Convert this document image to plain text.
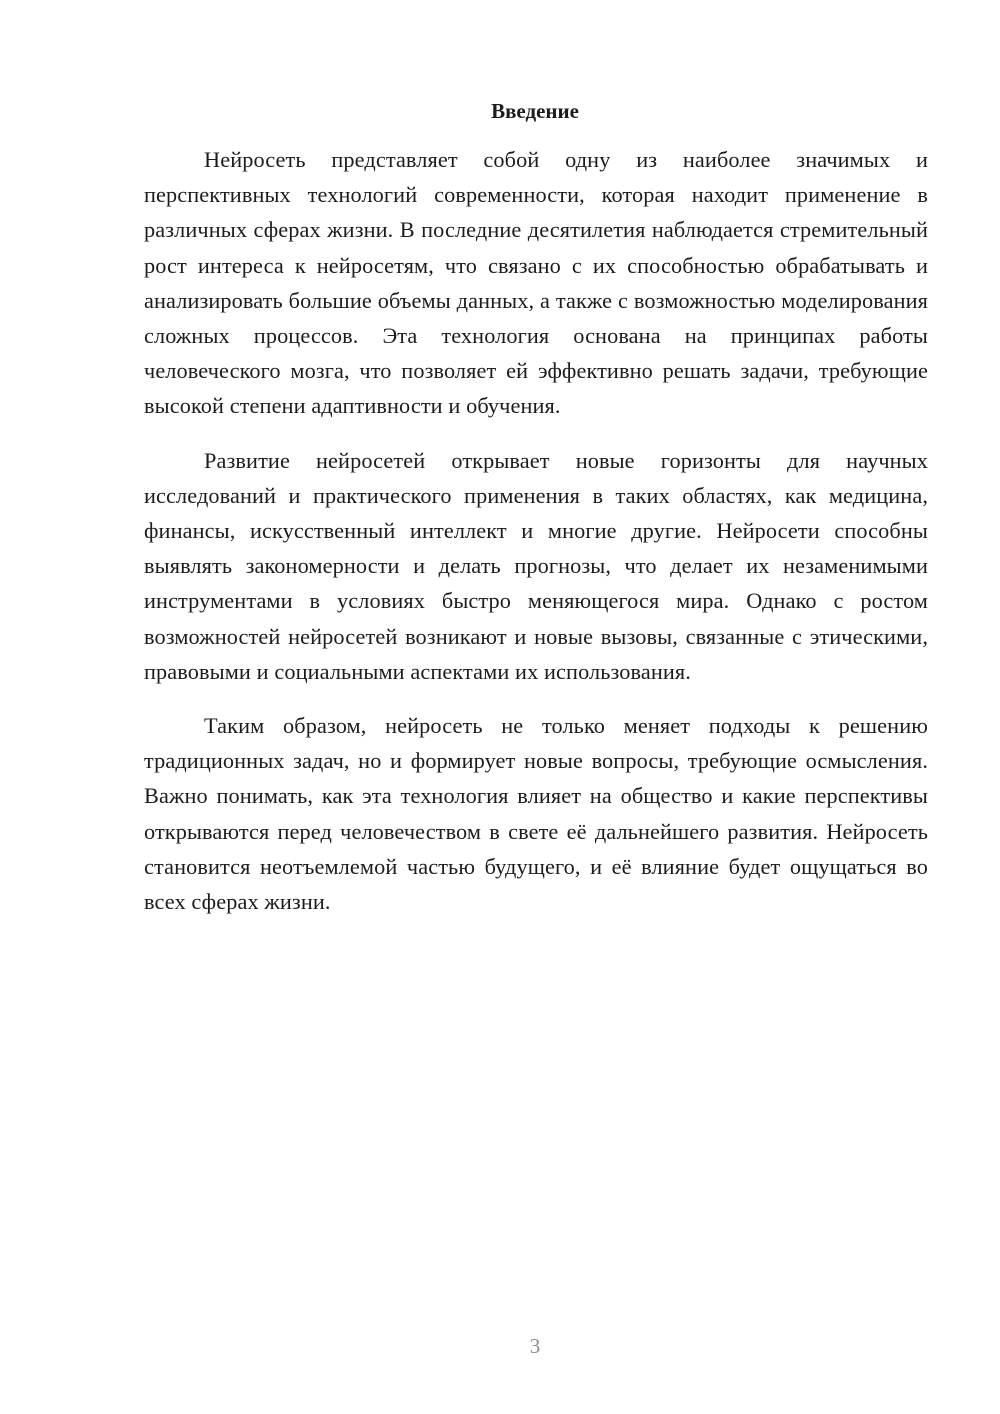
Введение

Нейросеть представляет собой одну из наиболее значимых и перспективных технологий современности, которая находит применение в различных сферах жизни. В последние десятилетия наблюдается стремительный рост интереса к нейросетям, что связано с их способностью обрабатывать и анализировать большие объемы данных, а также с возможностью моделирования сложных процессов. Эта технология основана на принципах работы человеческого мозга, что позволяет ей эффективно решать задачи, требующие высокой степени адаптивности и обучения.

Развитие нейросетей открывает новые горизонты для научных исследований и практического применения в таких областях, как медицина, финансы, искусственный интеллект и многие другие. Нейросети способны выявлять закономерности и делать прогнозы, что делает их незаменимыми инструментами в условиях быстро меняющегося мира. Однако с ростом возможностей нейросетей возникают и новые вызовы, связанные с этическими, правовыми и социальными аспектами их использования.

Таким образом, нейросеть не только меняет подходы к решению традиционных задач, но и формирует новые вопросы, требующие осмысления. Важно понимать, как эта технология влияет на общество и какие перспективы открываются перед человечеством в свете её дальнейшего развития. Нейросеть становится неотъемлемой частью будущего, и её влияние будет ощущаться во всех сферах жизни.

3
